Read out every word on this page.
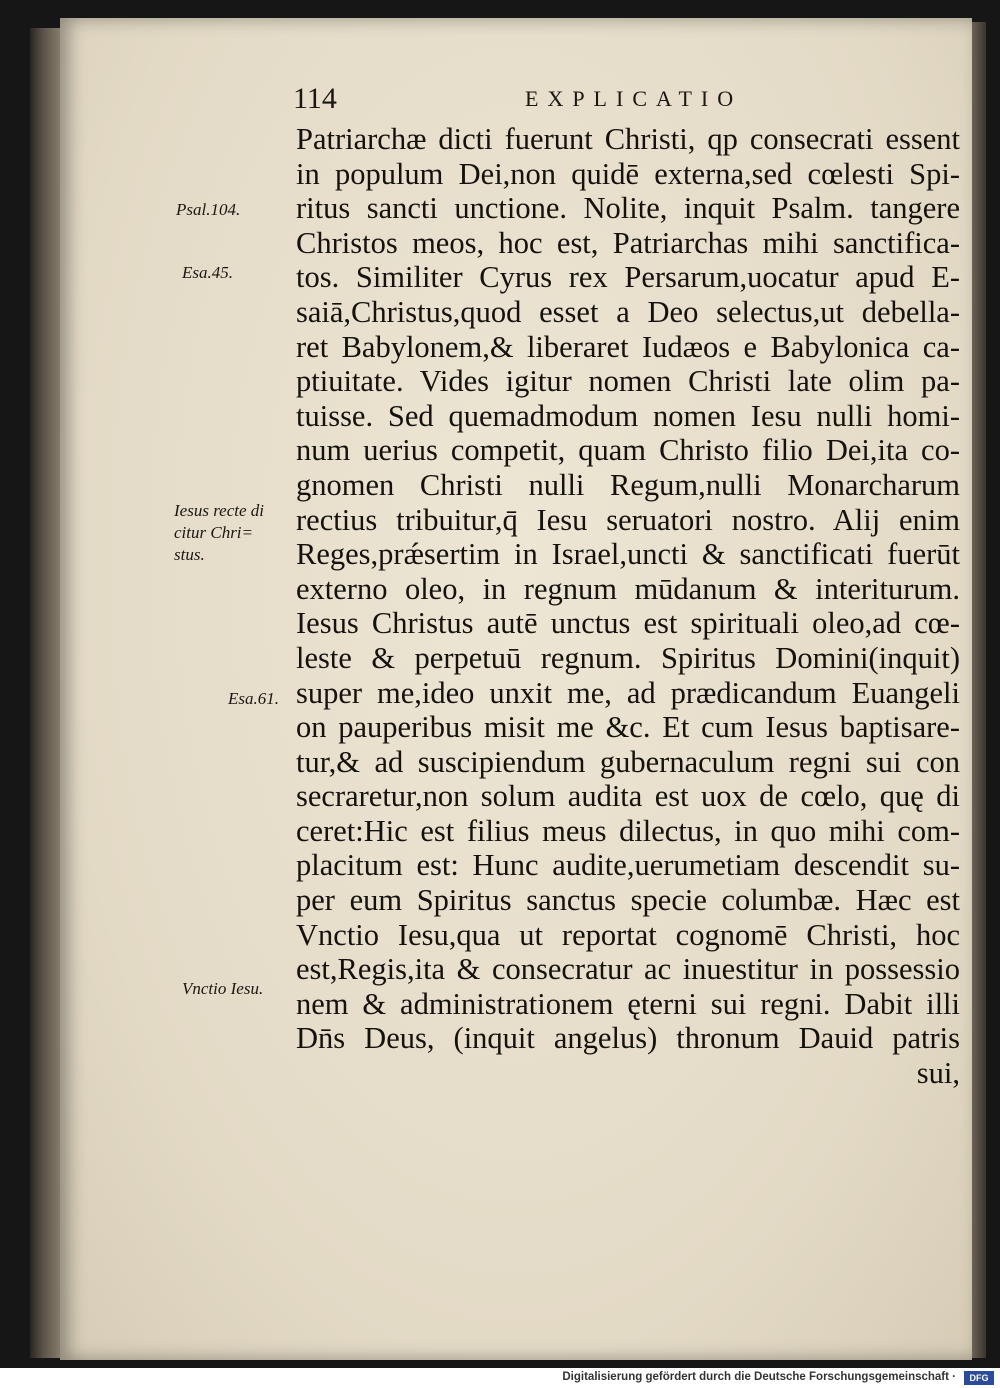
114	EXPLICATIO

Psal.104.

Esa.45.

Iesus recte di
citur Chri=
stus.

Esa.61.

Vnctio Iesu.

Patriarchæ dicti fuerunt Christi, qp consecrati essent
in populum Dei,non quidē externa,sed cœlesti Spi-
ritus sancti unctione. Nolite, inquit Psalm. tangere
Christos meos, hoc est, Patriarchas mihi sanctifica-
tos. Similiter Cyrus rex Persarum,uocatur apud E-
saiā,Christus,quod esset a Deo selectus,ut debella-
ret Babylonem,& liberaret Iudæos e Babylonica ca-
ptiuitate. Vides igitur nomen Christi late olim pa-
tuisse. Sed quemadmodum nomen Iesu nulli homi-
num uerius competit, quam Christo filio Dei,ita co-
gnomen Christi nulli Regum,nulli Monarcharum
rectius tribuitur,q̄ Iesu seruatori nostro. Alij enim
Reges,prǽsertim in Israel,uncti & sanctificati fuerūt
externo oleo, in regnum mūdanum & interiturum.
Iesus Christus autē unctus est spirituali oleo,ad cœ-
leste & perpetuū regnum. Spiritus Domini(inquit)
super me,ideo unxit me, ad prædicandum Euangeli
on pauperibus misit me &c. Et cum Iesus baptisare-
tur,& ad suscipiendum gubernaculum regni sui con
secraretur,non solum audita est uox de cœlo, quę di
ceret:Hic est filius meus dilectus, in quo mihi com-
placitum est: Hunc audite,uerumetiam descendit su-
per eum Spiritus sanctus specie columbæ. Hæc est
Vnctio Iesu,qua ut reportat cognomē Christi, hoc
est,Regis,ita & consecratur ac inuestitur in possessio
nem & administrationem ęterni sui regni. Dabit illi
Dn̄s Deus, (inquit angelus) thronum Dauid patris
sui,
Digitalisierung gefördert durch die Deutsche Forschungsgemeinschaft ·	DFG
